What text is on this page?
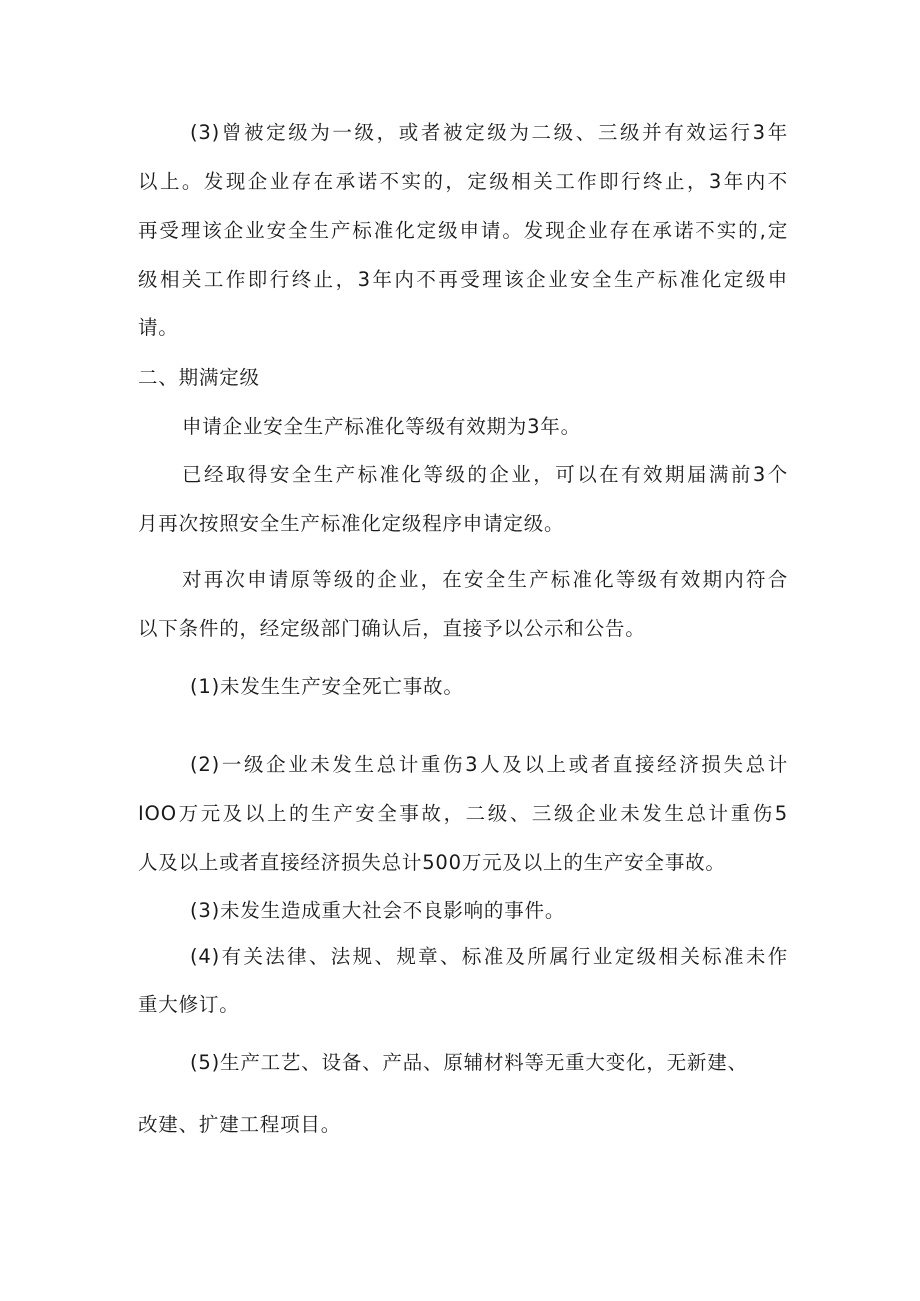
(3)曾被定级为一级，或者被定级为二级、三级并有效运行3年

以上。发现企业存在承诺不实的，定级相关工作即行终止，3年内不

再受理该企业安全生产标准化定级申请。发现企业存在承诺不实的,定

级相关工作即行终止，3年内不再受理该企业安全生产标准化定级申

请。

二、期满定级

申请企业安全生产标准化等级有效期为3年。

已经取得安全生产标准化等级的企业，可以在有效期届满前3个

月再次按照安全生产标准化定级程序申请定级。

对再次申请原等级的企业，在安全生产标准化等级有效期内符合

以下条件的，经定级部门确认后，直接予以公示和公告。

(1)未发生生产安全死亡事故。

(2)一级企业未发生总计重伤3人及以上或者直接经济损失总计

IOO万元及以上的生产安全事故，二级、三级企业未发生总计重伤5

人及以上或者直接经济损失总计500万元及以上的生产安全事故。

(3)未发生造成重大社会不良影响的事件。

(4)有关法律、法规、规章、标准及所属行业定级相关标准未作

重大修订。

(5)生产工艺、设备、产品、原辅材料等无重大变化，无新建、

改建、扩建工程项目。
